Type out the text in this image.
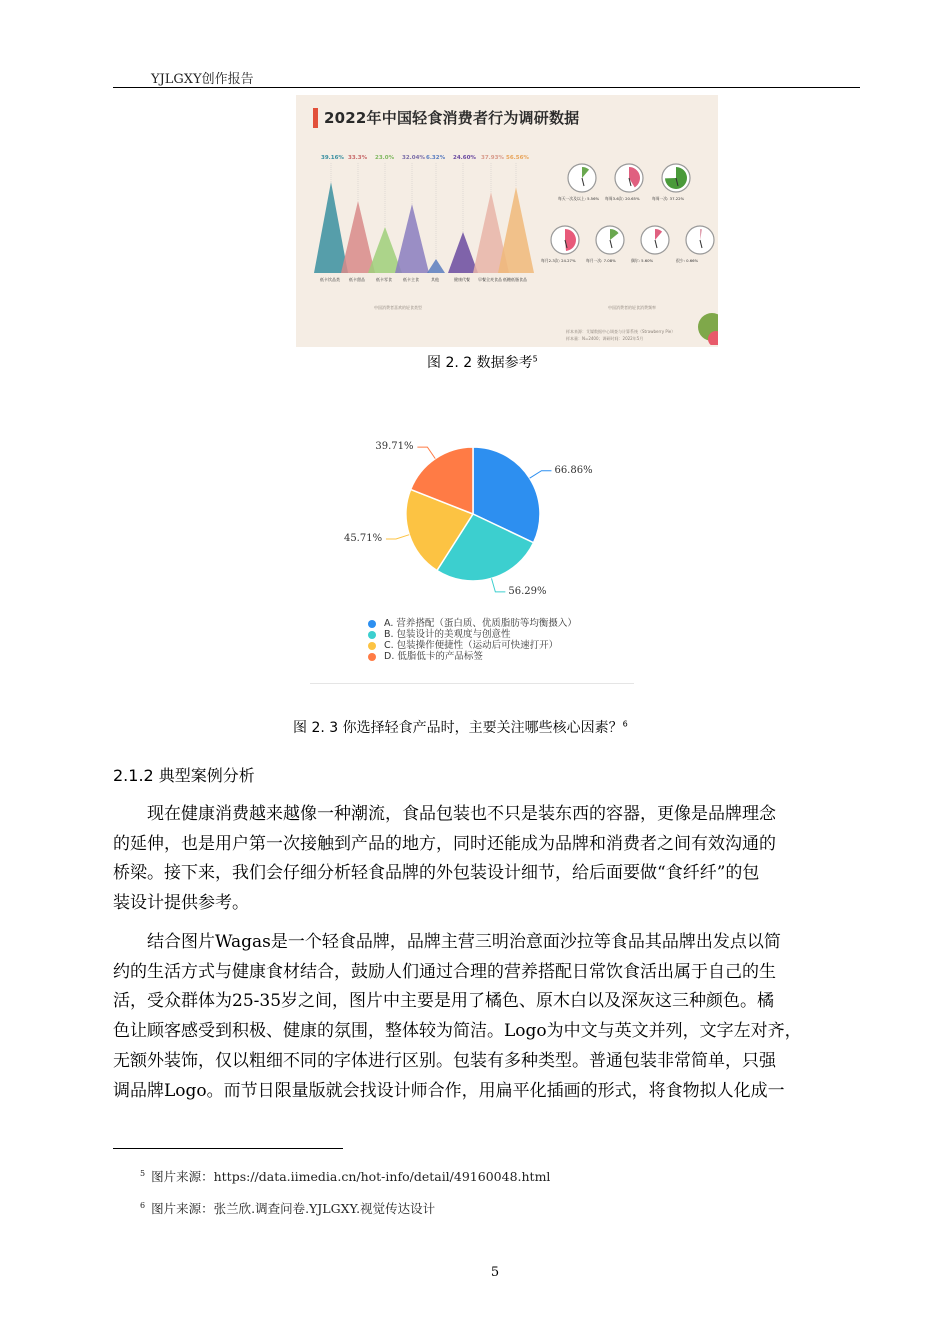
YJLGXY创作报告
2022年中国轻食消费者行为调研数据
39.16% 33.3% 23.0% 32.04% 6.32% 24.60% 37.93% 56.56%
低卡饮品类	低卡甜品	低卡零食	低卡主食	其他	健康代餐	早餐全麦食品 低糖低脂食品
中国消费者喜欢的轻食类型	中国消费者的轻食消费频率
每天一次及以上: 5.56% 每周3-6次: 20.65%	每周一次: 37.22%
每月2-3次: 24.27%	每月一次: 7.08%	偶尔: 5.60%	很少: 0.66%
样本来源：艾媒数据中心调查与计算系统（Strawberry Pie）
样本量：N=2400；调研时间：2022年5月
图 2. 2 数据参考$^5$
66.86%
56.29%
45.71%
39.71%
A. 营养搭配（蛋白质、优质脂肪等均衡摄入）
B. 包装设计的美观度与创意性
C. 包装操作便捷性（运动后可快速打开）
D. 低脂低卡的产品标签
图 2. 3 你选择轻食产品时，主要关注哪些核心因素？$^6$
2.1.2 典型案例分析
现在健康消费越来越像一种潮流，食品包装也不只是装东西的容器，更像是品牌理念
的延伸，也是用户第一次接触到产品的地方，同时还能成为品牌和消费者之间有效沟通的
桥梁。接下来，我们会仔细分析轻食品牌的外包装设计细节，给后面要做“食纤纤”的包
装设计提供参考。
结合图片Wagas是一个轻食品牌，品牌主营三明治意面沙拉等食品其品牌出发点以简
约的生活方式与健康食材结合，鼓励人们通过合理的营养搭配日常饮食活出属于自己的生
活，受众群体为25-35岁之间，图片中主要是用了橘色、原木白以及深灰这三种颜色。橘
色让顾客感受到积极、健康的氛围，整体较为简洁。Logo为中文与英文并列，文字左对齐，
无额外装饰，仅以粗细不同的字体进行区别。包装有多种类型。普通包装非常简单，只强
调品牌Logo。而节日限量版就会找设计师合作，用扁平化插画的形式，将食物拟人化成一
$^5$ 图片来源：https://data.iimedia.cn/hot-info/detail/49160048.html
$^6$ 图片来源：张兰欣.调查问卷.YJLGXY.视觉传达设计
5
